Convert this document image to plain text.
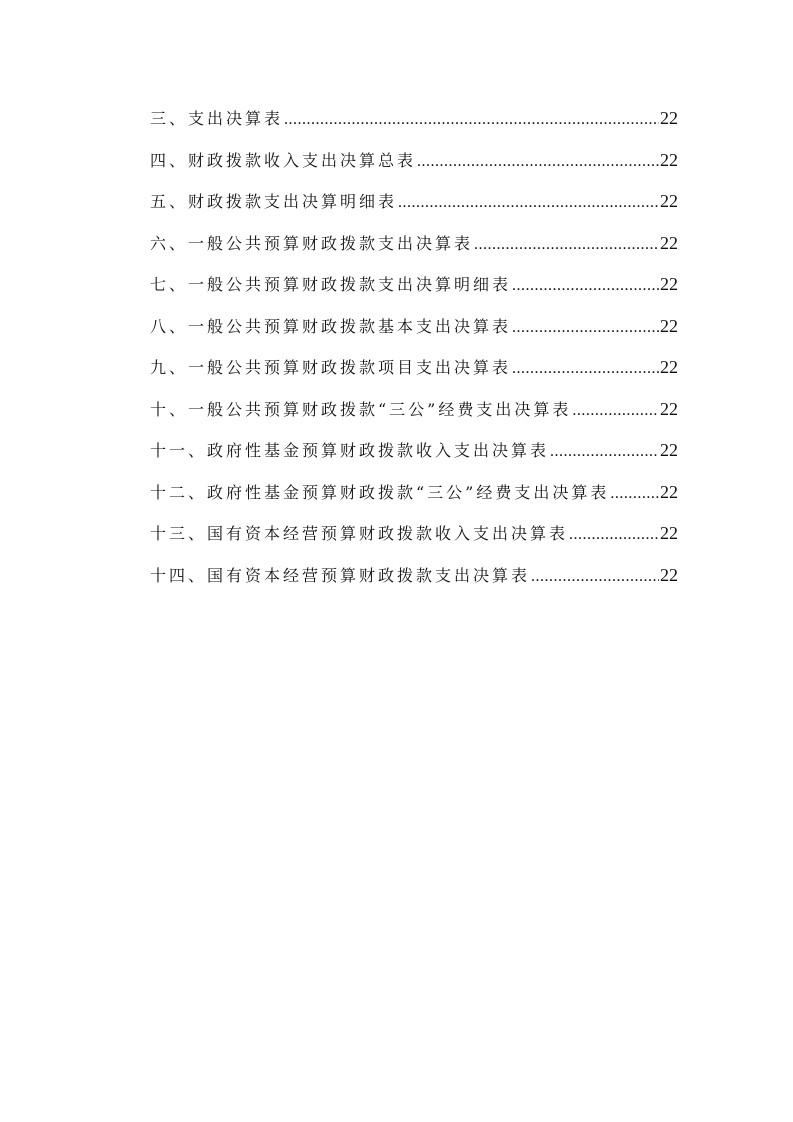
三、支出决算表 .....	22
四、财政拨款收入支出决算总表 .....	22
五、财政拨款支出决算明细表 .....	22
六、一般公共预算财政拨款支出决算表 .....	22
七、一般公共预算财政拨款支出决算明细表 .....	22
八、一般公共预算财政拨款基本支出决算表 .....	22
九、一般公共预算财政拨款项目支出决算表 .....	22
十、一般公共预算财政拨款“三公”经费支出决算表 .....	22
十一、政府性基金预算财政拨款收入支出决算表 .....	22
十二、政府性基金预算财政拨款“三公”经费支出决算表 .....	22
十三、国有资本经营预算财政拨款收入支出决算表 .....	22
十四、国有资本经营预算财政拨款支出决算表 .....	22
